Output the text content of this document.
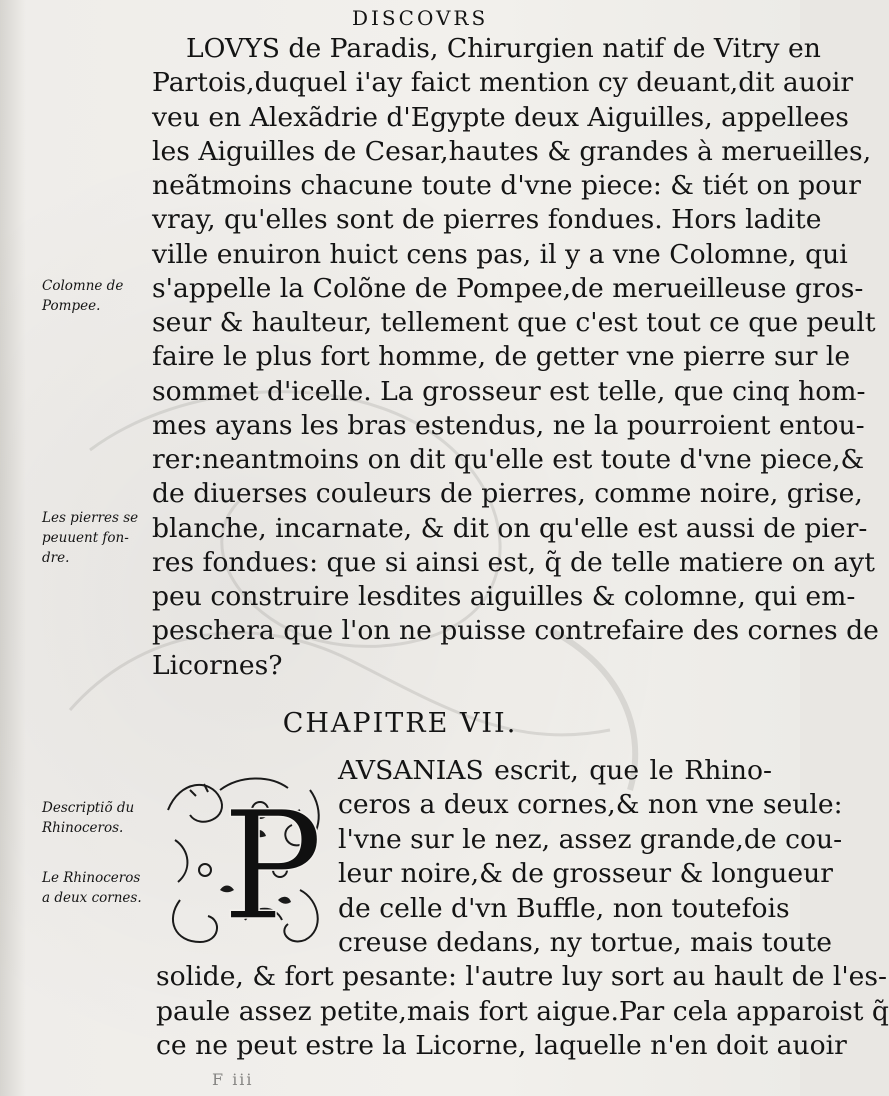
DISCOVRS
LOVYS de Paradis, Chirurgien natif de Vitry en
Partois,duquel i'ay faict mention cy deuant,dit auoir
veu en Alexãdrie d'Egypte deux Aiguilles, appellees
les Aiguilles de Cesar,hautes & grandes à merueilles,
neãtmoins chacune toute d'vne piece: & tiét on pour
vray, qu'elles sont de pierres fondues. Hors ladite
ville enuiron huict cens pas, il y a vne Colomne, qui
s'appelle la Colõne de Pompee,de merueilleuse gros-
seur & haulteur, tellement que c'est tout ce que peult
faire le plus fort homme, de getter vne pierre sur le
sommet d'icelle. La grosseur est telle, que cinq hom-
mes ayans les bras estendus, ne la pourroient entou-
rer:neantmoins on dit qu'elle est toute d'vne piece,&
de diuerses couleurs de pierres, comme noire, grise,
blanche, incarnate, & dit on qu'elle est aussi de pier-
res fondues: que si ainsi est, q̃ de telle matiere on ayt
peu construire lesdites aiguilles & colomne, qui em-
peschera que l'on ne puisse contrefaire des cornes de
Licornes?
Colomne de
Pompee.
Les pierres se
peuuent fon-
dre.
CHAPITRE VII.
Descriptiõ du
Rhinoceros.
Le Rhinoceros
a deux cornes. P
AVSANIAS escrit, que le Rhino-
ceros a deux cornes,& non vne seule:
l'vne sur le nez, assez grande,de cou-
leur noire,& de grosseur & longueur
de celle d'vn Buffle, non toutefois
creuse dedans, ny tortue, mais toute
solide, & fort pesante: l'autre luy sort au hault de l'es-
paule assez petite,mais fort aigue.Par cela apparoist q̃
ce ne peut estre la Licorne, laquelle n'en doit auoir
F iii
